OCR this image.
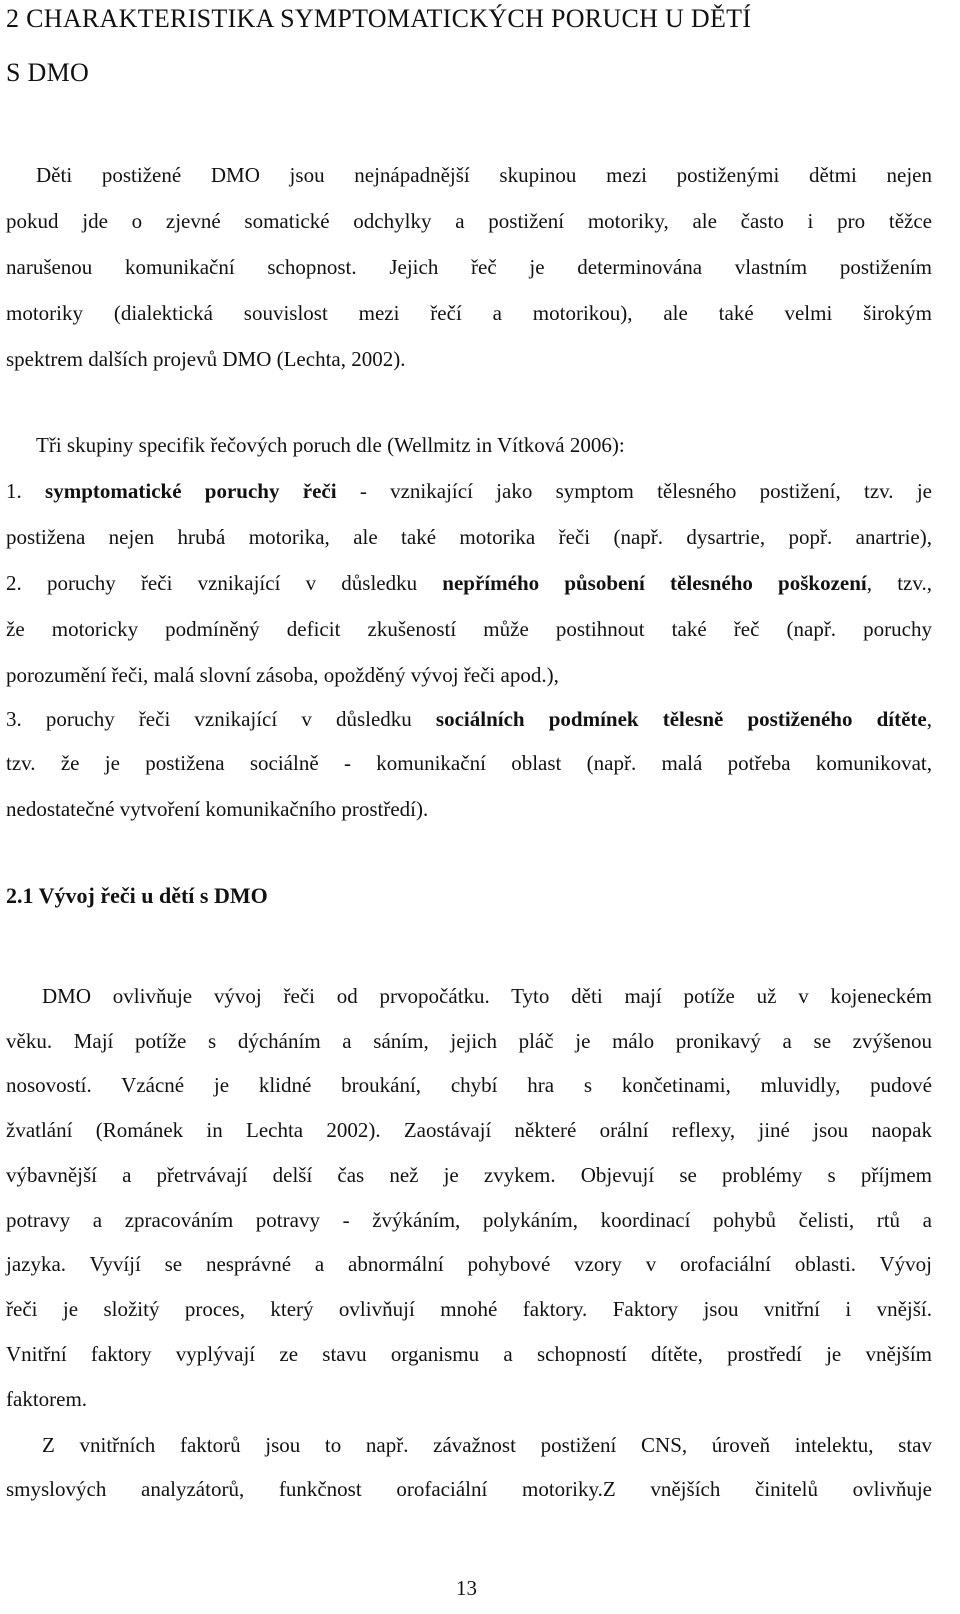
2 CHARAKTERISTIKA SYMPTOMATICKÝCH PORUCH U DĚTÍ
S DMO
Děti postižené DMO jsou nejnápadnější skupinou mezi postiženými dětmi nejen
pokud jde o zjevné somatické odchylky a postižení motoriky, ale často i pro těžce
narušenou komunikační schopnost. Jejich řeč je determinována vlastním postižením
motoriky (dialektická souvislost mezi řečí a motorikou), ale také velmi širokým
spektrem dalších projevů DMO (Lechta, 2002).
Tři skupiny specifik řečových poruch dle (Wellmitz in Vítková 2006):
1. symptomatické poruchy řeči - vznikající jako symptom tělesného postižení, tzv. je
postižena nejen hrubá motorika, ale také motorika řeči (např. dysartrie, popř. anartrie),
2. poruchy řeči vznikající v důsledku nepřímého působení tělesného poškození, tzv.,
že motoricky podmíněný deficit zkušeností může postihnout také řeč (např. poruchy
porozumění řeči, malá slovní zásoba, opožděný vývoj řeči apod.),
3. poruchy řeči vznikající v důsledku sociálních podmínek tělesně postiženého dítěte,
tzv. že je postižena sociálně - komunikační oblast (např. malá potřeba komunikovat,
nedostatečné vytvoření komunikačního prostředí).
2.1 Vývoj řeči u dětí s DMO
DMO ovlivňuje vývoj řeči od prvopočátku. Tyto děti mají potíže už v kojeneckém
věku. Mají potíže s dýcháním a sáním, jejich pláč je málo pronikavý a se zvýšenou
nosovostí. Vzácné je klidné broukání, chybí hra s končetinami, mluvidly, pudové
žvatlání (Románek in Lechta 2002). Zaostávají některé orální reflexy, jiné jsou naopak
výbavnější a přetrvávají delší čas než je zvykem. Objevují se problémy s příjmem
potravy a zpracováním potravy - žvýkáním, polykáním, koordinací pohybů čelisti, rtů a
jazyka. Vyvíjí se nesprávné a abnormální pohybové vzory v orofaciální oblasti. Vývoj
řeči je složitý proces, který ovlivňují mnohé faktory. Faktory jsou vnitřní i vnější.
Vnitřní faktory vyplývají ze stavu organismu a schopností dítěte, prostředí je vnějším
faktorem.
Z vnitřních faktorů jsou to např. závažnost postižení CNS, úroveň intelektu, stav
smyslových analyzátorů, funkčnost orofaciální motoriky.Z vnějších činitelů ovlivňuje
13
